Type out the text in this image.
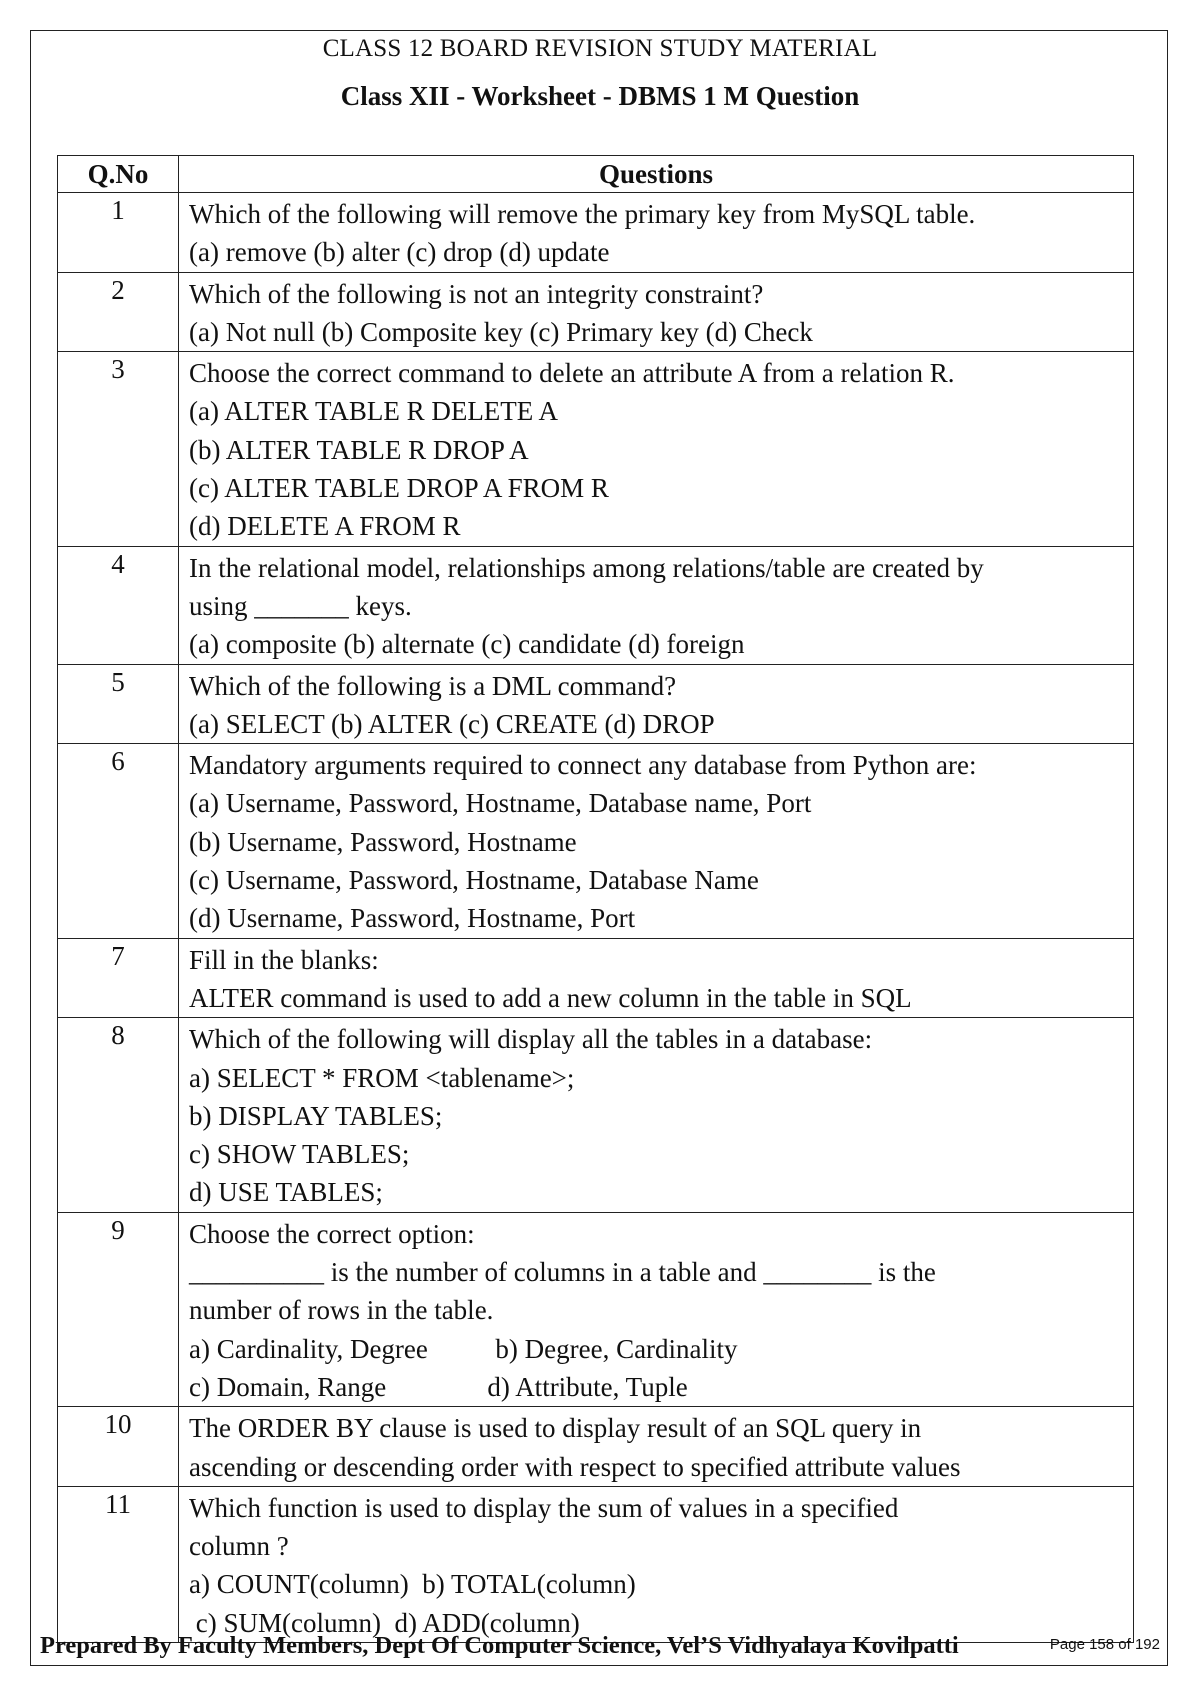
CLASS 12 BOARD REVISION STUDY MATERIAL
Class XII - Worksheet - DBMS 1 M Question
Q.No	Questions
1	Which of the following will remove the primary key from MySQL table.
(a) remove (b) alter (c) drop (d) update

2	Which of the following is not an integrity constraint?
(a) Not null (b) Composite key (c) Primary key (d) Check

3	Choose the correct command to delete an attribute A from a relation R.
(a) ALTER TABLE R DELETE A
(b) ALTER TABLE R DROP A
(c) ALTER TABLE DROP A FROM R
(d) DELETE A FROM R

4	In the relational model, relationships among relations/table are created by
using _______ keys.
(a) composite (b) alternate (c) candidate (d) foreign

5	Which of the following is a DML command?
(a) SELECT (b) ALTER (c) CREATE (d) DROP

6	Mandatory arguments required to connect any database from Python are:
(a) Username, Password, Hostname, Database name, Port
(b) Username, Password, Hostname
(c) Username, Password, Hostname, Database Name
(d) Username, Password, Hostname, Port

7	Fill in the blanks:
ALTER command is used to add a new column in the table in SQL

8	Which of the following will display all the tables in a database:
a) SELECT * FROM <tablename>;
b) DISPLAY TABLES;
c) SHOW TABLES;
d) USE TABLES;

9	Choose the correct option:
__________ is the number of columns in a table and ________ is the
number of rows in the table.
a) Cardinality, Degree          b) Degree, Cardinality
c) Domain, Range               d) Attribute, Tuple

10	The ORDER BY clause is used to display result of an SQL query in
ascending or descending order with respect to specified attribute values

11	Which function is used to display the sum of values in a specified
column ?
a) COUNT(column)  b) TOTAL(column)
c) SUM(column)  d) ADD(column)
Prepared By Faculty Members, Dept Of Computer Science, Vel’S Vidhyalaya Kovilpatti	Page 158 of 192
